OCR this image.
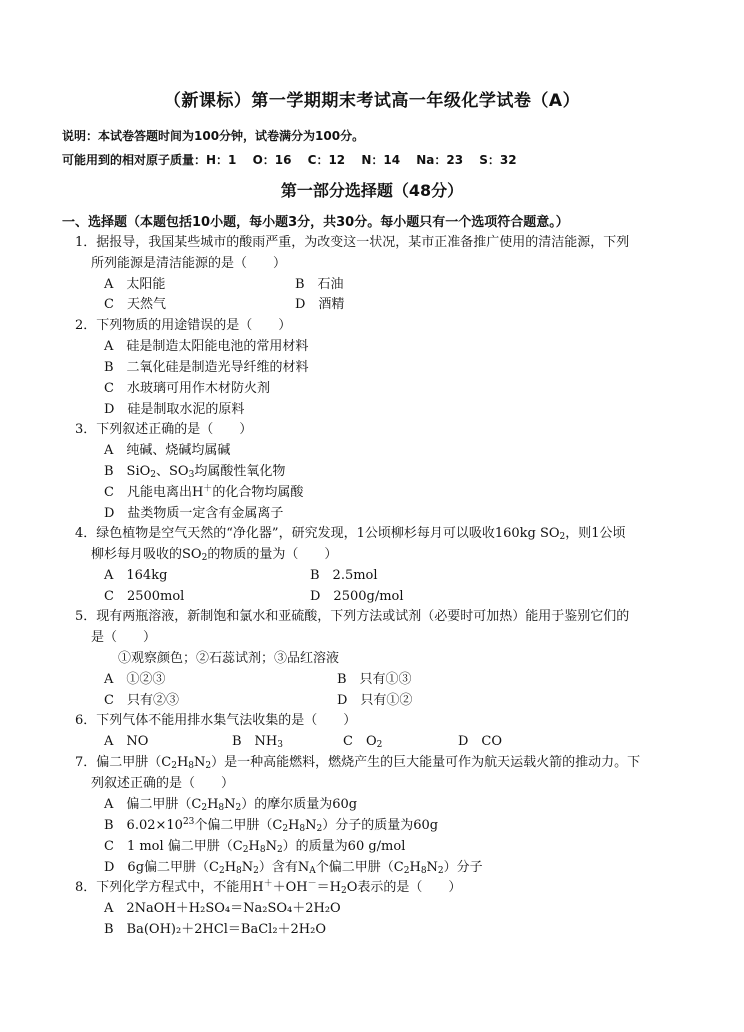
（新课标）第一学期期末考试高一年级化学试卷（A）
说明：本试卷答题时间为100分钟，试卷满分为100分。
可能用到的相对原子质量：H：1　 O：16　 C：12　 N：14　 Na：23　 S：32
第一部分选择题（48分）
一、选择题（本题包括10小题，每小题3分，共30分。每小题只有一个选项符合题意。）
1．据报导，我国某些城市的酸雨严重，为改变这一状况，某市正准备推广使用的清洁能源，下列
所列能源是清洁能源的是（　　）
A　太阳能	B　石油
C　天然气	D　酒精
2．下列物质的用途错误的是（　　）
A　硅是制造太阳能电池的常用材料
B　二氧化硅是制造光导纤维的材料
C　水玻璃可用作木材防火剂
D　硅是制取水泥的原料
3．下列叙述正确的是（　　）
A　纯碱、烧碱均属碱
B　SiO$_2$、$SO_3$均属酸性氧化物
C　凡能电离出H＋的化合物均属酸
D　盐类物质一定含有金属离子
4．绿色植物是空气天然的“净化器”，研究发现，1公顷柳杉每月可以吸收160kg $SO_2$，则1公顷
柳杉每月吸收的$SO_2$的物质的量为（　　）
A　164kg	B　2.5mol
C　2500mol	D　2500g/mol
5．现有两瓶溶液，新制饱和氯水和亚硫酸，下列方法或试剂（必要时可加热）能用于鉴别它们的
是（　　）
①观察颜色；②石蕊试剂；③品红溶液
A　①②③	B　只有①③
C　只有②③	D　只有①②
6．下列气体不能用排水集气法收集的是（　　）
A　NO	B　$NH_3$	C　$O_2$	D　CO
7．偏二甲肼$(C_2H_8N_2)$是一种高能燃料，燃烧产生的巨大能量可作为航天运载火箭的推动力。下
列叙述正确的是（　　）
A　偏二甲肼$(C_2H_8N_2)$的摩尔质量为60g
B　$6.02\times 10^{23}$个偏二甲肼$(C_2H_8N_2)$分子的质量为60g
C　1 mol 偏二甲肼$(C_2H_8N_2)$的质量为60 g/mol
D　6g偏二甲肼$(C_2H_8N_2)$含有$N_A$个偏二甲肼$(C_2H_8N_2)$分子
8．下列化学方程式中，不能用$H^++OH^-=H_2O$表示的是（　　）
A　2NaOH＋H₂SO₄＝Na₂SO₄＋2H₂O
B　Ba(OH)₂＋2HCl＝BaCl₂＋2H₂O
